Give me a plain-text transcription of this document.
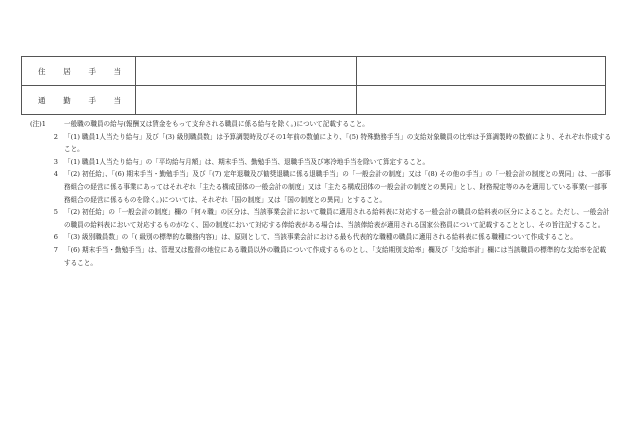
住 居 手 当		

通 勤 手 当		

(注)1	一般職の職員の給与(報酬又は賃金をもって支弁される職員に係る給与を除く。)について記載すること。
2 「(1) 職員1人当たり給与」及び「(3) 級別職員数」は予算調製時及びその1年前の数値により、「(5) 特殊勤務手当」の支給対象職員の比率は予算調製時の数値により、それぞれ作成すること。
3 「(1) 職員1人当たり給与」の「平均給与月額」は、期末手当、勤勉手当、退職手当及び寒冷地手当を除いて算定すること。
4 「(2) 初任給」、「(6) 期末手当・勤勉手当」及び「(7) 定年退職及び勧奨退職に係る退職手当」の「一般会計の制度」又は「(8) その他の手当」の「一般会計の制度との異同」は、一部事務組合の経営に係る事業にあってはそれぞれ「主たる構成団体の一般会計の制度」又は「主たる構成団体の一般会計の制度との異同」とし、財務規定等のみを適用している事業(一部事務組合の経営に係るものを除く。)については、それぞれ「国の制度」又は「国の制度との異同」とすること。
5 「(2) 初任給」の「一般会計の制度」欄の「何々職」の区分は、当該事業会計において職員に適用される給料表に対応する一般会計の職員の給料表の区分によること。ただし、一般会計の職員の給料表において対応するものがなく、国の制度において対応する俸給表がある場合は、当該俸給表が適用される国家公務員について記載することとし、その旨注記すること。
6 「(3) 級別職員数」の「( 級別の標準的な職務内容)」は、原則として、当該事業会計における最も代表的な職種の職員に適用される給料表に係る職種について作成すること。
7 「(6) 期末手当・勤勉手当」は、管理又は監督の地位にある職員以外の職員について作成するものとし、「支給期別支給率」欄及び「支給率計」欄には当該職員の標準的な支給率を記載すること。
